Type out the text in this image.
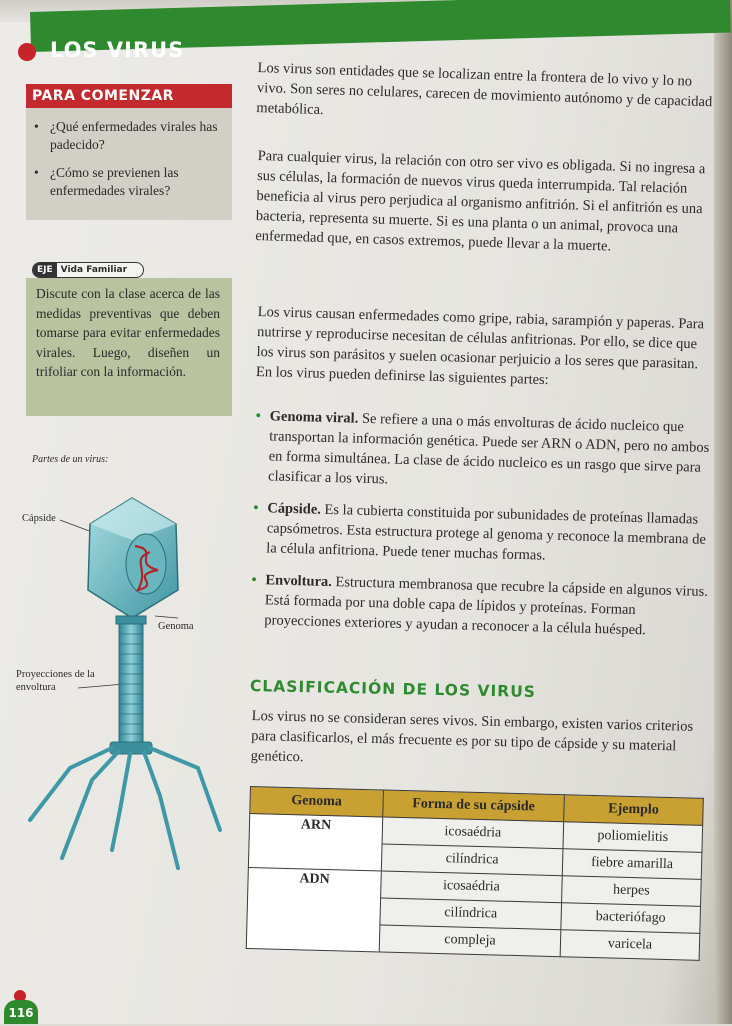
LOS VIRUS
PARA COMENZAR
• ¿Qué enfermedades virales has padecido?
• ¿Cómo se previenen las enfermedades virales?
EJE Vida Familiar

Discute con la clase acerca de las medidas preventivas que deben tomarse para evitar enfermedades virales. Luego, diseñen un trifoliar con la información.

Partes de un virus:
Cápside
Genoma
Proyecciones de la envoltura

Los virus son entidades que se localizan entre la frontera de lo vivo y lo no vivo. Son seres no celulares, carecen de movimiento autónomo y de capacidad metabólica.

Para cualquier virus, la relación con otro ser vivo es obligada. Si no ingresa a sus células, la formación de nuevos virus queda interrumpida. Tal relación beneficia al virus pero perjudica al organismo anfitrión. Si el anfitrión es una bacteria, representa su muerte. Si es una planta o un animal, provoca una enfermedad que, en casos extremos, puede llevar a la muerte.

Los virus causan enfermedades como gripe, rabia, sarampión y paperas. Para nutrirse y reproducirse necesitan de células anfitrionas. Por ello, se dice que los virus son parásitos y suelen ocasionar perjuicio a los seres que parasitan. En los virus pueden definirse las siguientes partes:

• Genoma viral. Se refiere a una o más envolturas de ácido nucleico que transportan la información genética. Puede ser ARN o ADN, pero no ambos en forma simultánea. La clase de ácido nucleico es un rasgo que sirve para clasificar a los virus.
• Cápside. Es la cubierta constituida por subunidades de proteínas llamadas capsómetros. Esta estructura protege al genoma y reconoce la membrana de la célula anfitriona. Puede tener muchas formas.
• Envoltura. Estructura membranosa que recubre la cápside en algunos virus. Está formada por una doble capa de lípidos y proteínas. Forman proyecciones exteriores y ayudan a reconocer a la célula huésped.
CLASIFICACIÓN DE LOS VIRUS

Los virus no se consideran seres vivos. Sin embargo, existen varios criterios para clasificarlos, el más frecuente es por su tipo de cápside y su material genético.

Genoma	Forma de su cápside	Ejemplo
ARN	icosaédria	poliomielitis
	cilíndrica	fiebre amarilla
ADN	icosaédria	herpes
	cilíndrica	bacteriófago
	compleja	varicela
116
